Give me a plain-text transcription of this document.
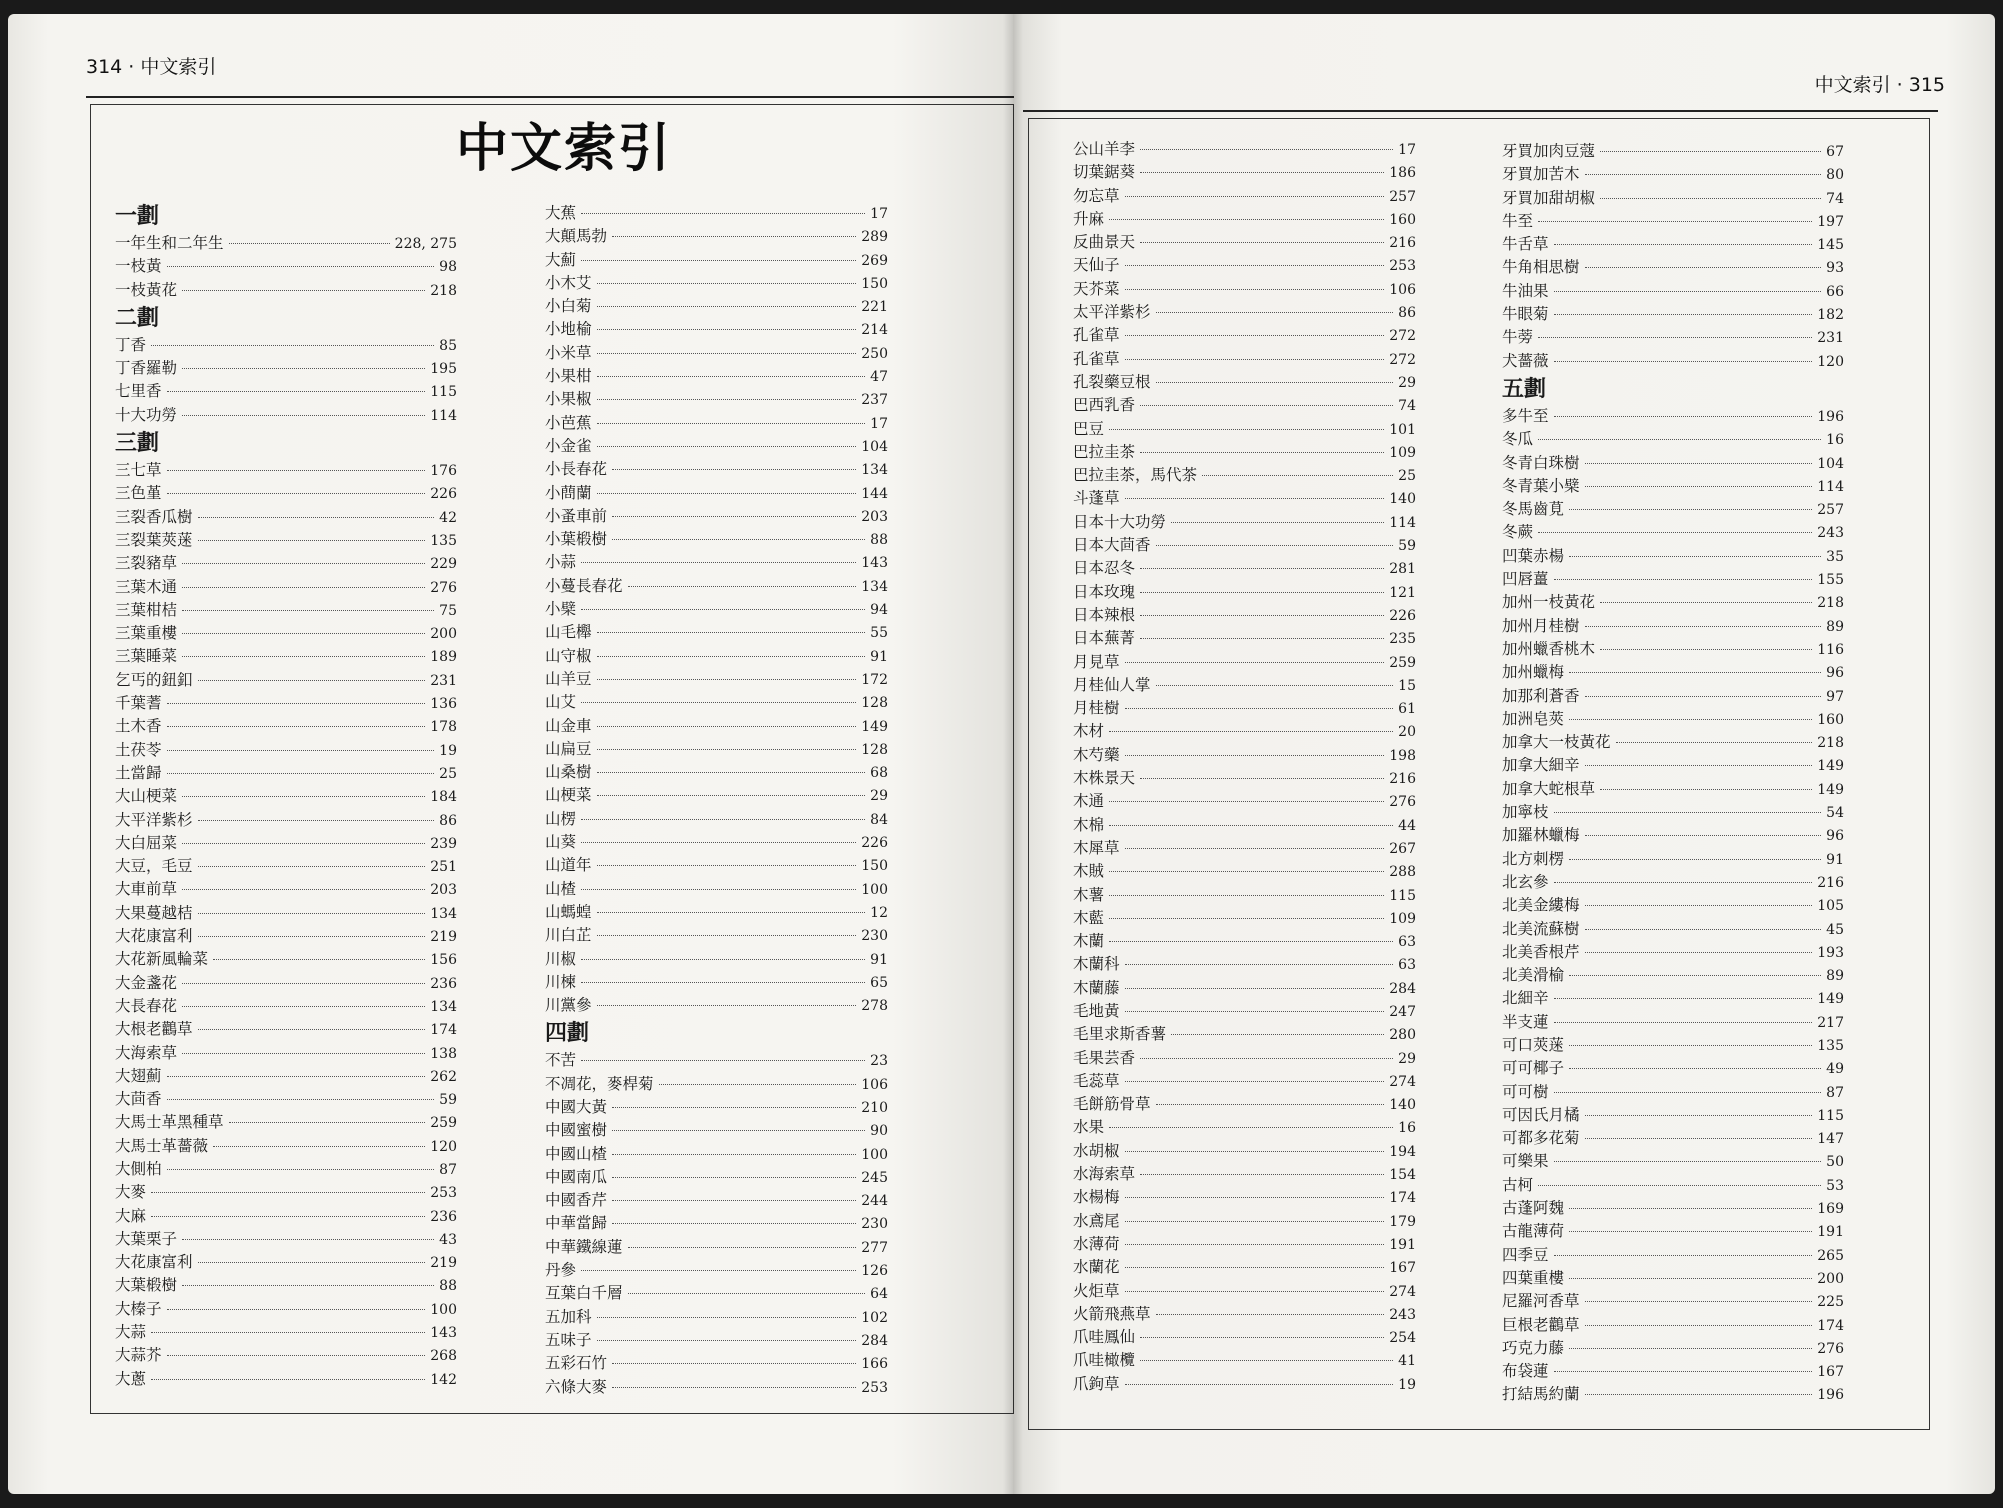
314 · 中文索引
中文索引
中文索引 · 315
一劃
一年生和二年生	228, 275
一枝黃	98
一枝黃花	218
二劃
丁香	85
丁香羅勒	195
七里香	115
十大功勞	114
三劃
三七草	176
三色堇	226
三裂香瓜樹	42
三裂葉莢蒾	135
三裂豬草	229
三葉木通	276
三葉柑桔	75
三葉重樓	200
三葉睡菜	189
乞丐的鈕釦	231
千葉蓍	136
土木香	178
土茯苓	19
土當歸	25
大山梗菜	184
大平洋紫杉	86
大白屈菜	239
大豆，毛豆	251
大車前草	203
大果蔓越桔	134
大花康富利	219
大花新風輪菜	156
大金盞花	236
大長春花	134
大根老鸛草	174
大海索草	138
大翅薊	262
大茴香	59
大馬士革黑種草	259
大馬士革薔薇	120
大側柏	87
大麥	253
大麻	236
大葉栗子	43
大花康富利	219
大葉椴樹	88
大榛子	100
大蒜	143
大蒜芥	268
大蔥	142
大蕉	17
大顛馬勃	289
大薊	269
小木艾	150
小白菊	221
小地榆	214
小米草	250
小果柑	47
小果椒	237
小芭蕉	17
小金雀	104
小長春花	134
小蔄蘭	144
小蚤車前	203
小葉椴樹	88
小蒜	143
小蔓長春花	134
小檗	94
山毛櫸	55
山守椒	91
山羊豆	172
山艾	128
山金車	149
山扁豆	128
山桑樹	68
山梗菜	29
山楞	84
山葵	226
山道年	150
山楂	100
山螞蝗	12
川白芷	230
川椒	91
川楝	65
川黨參	278
四劃
不苦	23
不凋花，麥桿菊	106
中國大黃	210
中國蜜樹	90
中國山楂	100
中國南瓜	245
中國香芹	244
中華當歸	230
中華鐵線蓮	277
丹參	126
互葉白千層	64
五加科	102
五味子	284
五彩石竹	166
六條大麥	253
公山羊李	17
切葉鋸葵	186
勿忘草	257
升麻	160
反曲景天	216
天仙子	253
天芥菜	106
太平洋紫杉	86
孔雀草	272
孔雀草	272
孔裂藥豆根	29
巴西乳香	74
巴豆	101
巴拉圭茶	109
巴拉圭茶，馬代茶	25
斗蓬草	140
日本十大功勞	114
日本大茴香	59
日本忍冬	281
日本玫瑰	121
日本辣根	226
日本蕪菁	235
月見草	259
月桂仙人掌	15
月桂樹	61
木材	20
木芍藥	198
木株景天	216
木通	276
木棉	44
木犀草	267
木賊	288
木薯	115
木藍	109
木蘭	63
木蘭科	63
木蘭藤	284
毛地黃	247
毛里求斯香薯	280
毛果芸香	29
毛蕊草	274
毛餅筋骨草	140
水果	16
水胡椒	194
水海索草	154
水楊梅	174
水鳶尾	179
水薄荷	191
水蘭花	167
火炬草	274
火箭飛燕草	243
爪哇鳳仙	254
爪哇橄欖	41
爪鉤草	19
牙買加肉豆蔻	67
牙買加苦木	80
牙買加甜胡椒	74
牛至	197
牛舌草	145
牛角相思樹	93
牛油果	66
牛眼菊	182
牛蒡	231
犬薔薇	120
五劃
多牛至	196
冬瓜	16
冬青白珠樹	104
冬青葉小檗	114
冬馬齒莧	257
冬蕨	243
凹葉赤楊	35
凹唇薑	155
加州一枝黃花	218
加州月桂樹	89
加州蠟香桃木	116
加州蠟梅	96
加那利蒼香	97
加洲皂莢	160
加拿大一枝黃花	218
加拿大細辛	149
加拿大蛇根草	149
加寧枝	54
加羅林蠟梅	96
北方刺楞	91
北玄參	216
北美金縷梅	105
北美流蘇樹	45
北美香根芹	193
北美滑榆	89
北細辛	149
半支蓮	217
可口莢蒾	135
可可椰子	49
可可樹	87
可因氏月橘	115
可都多花菊	147
可樂果	50
古柯	53
古蓬阿魏	169
古龍薄荷	191
四季豆	265
四葉重樓	200
尼羅河香草	225
巨根老鸛草	174
巧克力藤	276
布袋蓮	167
打結馬約蘭	196
